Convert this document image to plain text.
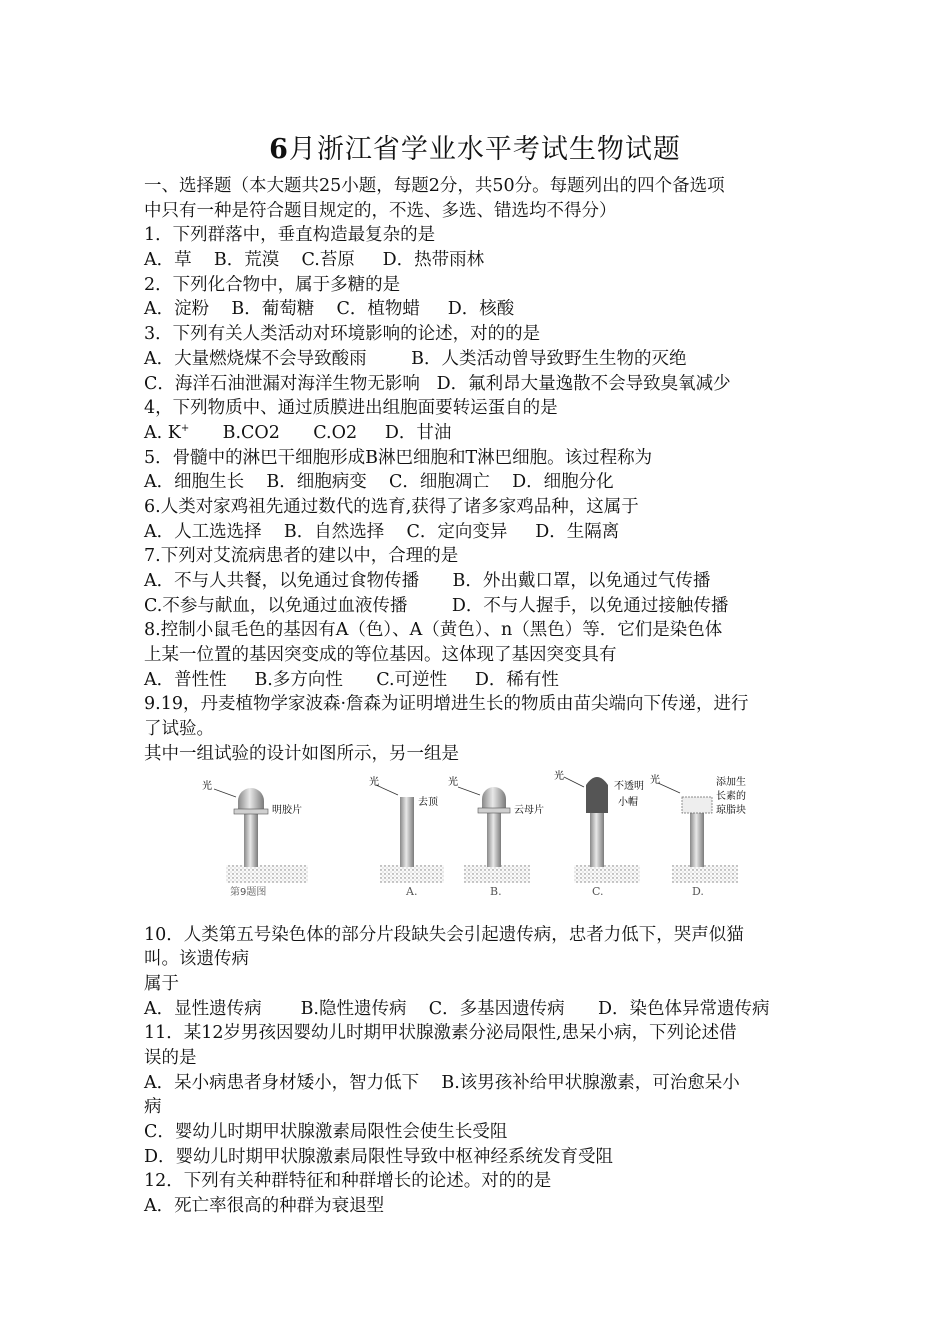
6月浙江省学业水平考试生物试题
一、选择题（本大题共25小题，每题2分，共50分。每题列出的四个备选项
中只有一种是符合题目规定的，不选、多选、错选均不得分）
1．下列群落中，垂直构造最复杂的是
A．草    B．荒漠    C.苔原     D．热带雨林
2．下列化合物中，属于多糖的是
A．淀粉    B．葡萄糖    C．植物蜡     D．核酸
3．下列有关人类活动对环境影响的论述，对的的是
A．大量燃烧煤不会导致酸雨        B．人类活动曾导致野生生物的灭绝
C．海洋石油泄漏对海洋生物无影响   D．氟利昂大量逸散不会导致臭氧减少
4，下列物质中、通过质膜进出组胞面要转运蛋自的是
A. K+      B.CO2      C.O2     D．甘油
5．骨髓中的淋巴干细胞形成B淋巴细胞和T淋巴细胞。该过程称为
A．细胞生长    B．细胞病变    C．细胞凋亡    D．细胞分化
6.人类对家鸡祖先通过数代的选育,获得了诸多家鸡品种，这属于
A．人工选选择    B．自然选择    C．定向变异     D．生隔离
7.下列对艾流病患者的建以中，合理的是
A．不与人共餐，以免通过食物传播      B．外出戴口罩，以免通过气传播
C.不参与献血，以免通过血液传播        D．不与人握手，以免通过接触传播
8.控制小鼠毛色的基因有A（色）、A（黄色）、n（黑色）等．它们是染色体
上某一位置的基因突变成的等位基因。这体现了基因突变具有
A．普性性     B.多方向性      C.可逆性     D．稀有性
9.19，丹麦植物学家波森·詹森为证明增进生长的物质由苗尖端向下传递，进行
了试验。
其中一组试验的设计如图所示，另一组是
光
明胶片
第9题图
光
去顶
A.
光
云母片
B.
光
不透明
小帽
C.
光	添加生
长素的
琼脂块
D.
10．人类第五号染色体的部分片段缺失会引起遗传病，忠者力低下，哭声似猫
叫。该遗传病
属于
A．显性遗传病       B.隐性遗传病    C．多基因遗传病      D．染色体异常遗传病
11．某12岁男孩因婴幼儿时期甲状腺激素分泌局限性,患呆小病，下列论述借
误的是
A．呆小病患者身材矮小，智力低下    B.该男孩补给甲状腺激素，可治愈呆小
病
C．婴幼儿时期甲状腺激素局限性会使生长受阻
D．婴幼儿时期甲状腺激素局限性导致中枢神经系统发育受阻
12．下列有关种群特征和种群增长的论述。对的的是
A．死亡率很高的种群为衰退型
